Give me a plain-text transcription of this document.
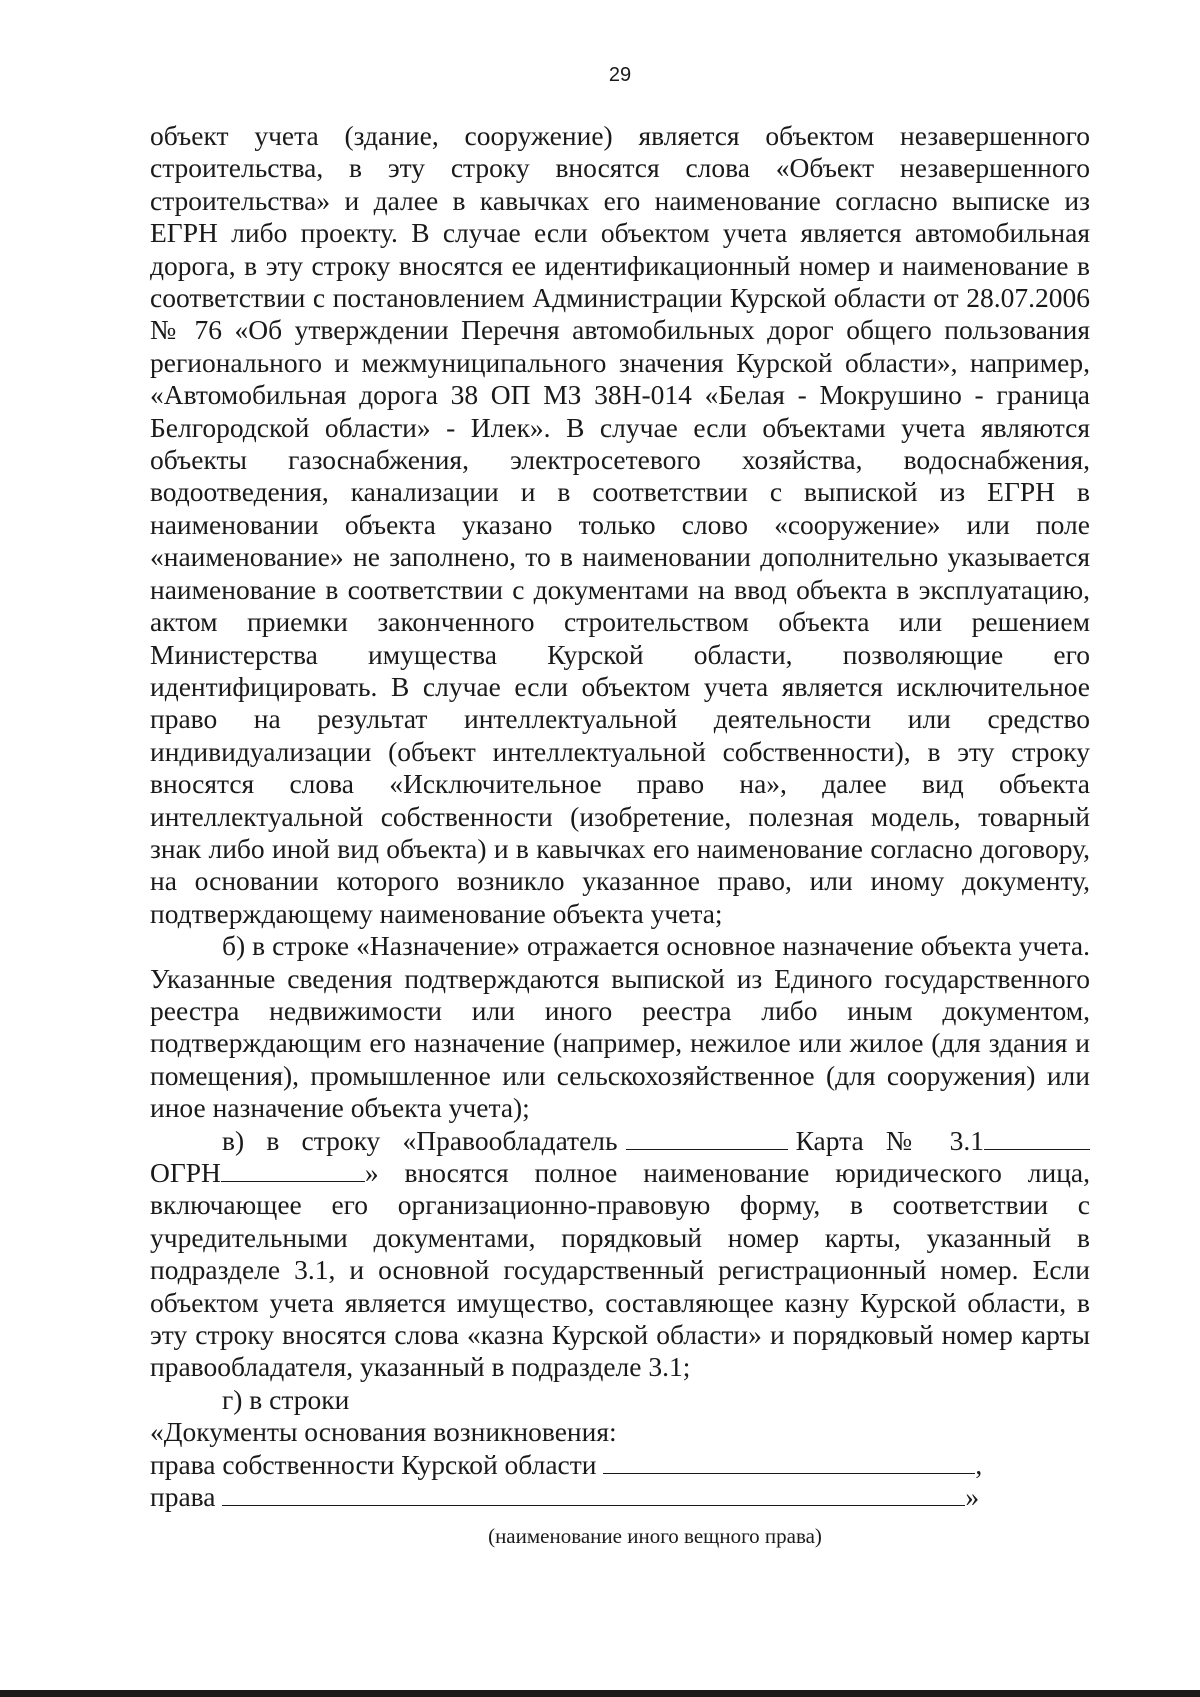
29

объект учета (здание, сооружение) является объектом незавершенного строительства, в эту строку вносятся слова «Объект незавершенного строительства» и далее в кавычках его наименование согласно выписке из ЕГРН либо проекту. В случае если объектом учета является автомобильная дорога, в эту строку вносятся ее идентификационный номер и наименование в соответствии с постановлением Администрации Курской области от 28.07.2006 № 76 «Об утверждении Перечня автомобильных дорог общего пользования регионального и межмуниципального значения Курской области», например, «Автомобильная дорога 38 ОП МЗ 38Н-014 «Белая - Мокрушино - граница Белгородской области» - Илек». В случае если объектами учета являются объекты газоснабжения, электросетевого хозяйства, водоснабжения, водоотведения, канализации и в соответствии с выпиской из ЕГРН в наименовании объекта указано только слово «сооружение» или поле «наименование» не заполнено, то в наименовании дополнительно указывается наименование в соответствии с документами на ввод объекта в эксплуатацию, актом приемки законченного строительством объекта или решением Министерства имущества Курской области, позволяющие его идентифицировать. В случае если объектом учета является исключительное право на результат интеллектуальной деятельности или средство индивидуализации (объект интеллектуальной собственности), в эту строку вносятся слова «Исключительное право на», далее вид объекта интеллектуальной собственности (изобретение, полезная модель, товарный знак либо иной вид объекта) и в кавычках его наименование согласно договору, на основании которого возникло указанное право, или иному документу, подтверждающему наименование объекта учета;

б) в строке «Назначение» отражается основное назначение объекта учета. Указанные сведения подтверждаются выпиской из Единого государственного реестра недвижимости или иного реестра либо иным документом, подтверждающим его назначение (например, нежилое или жилое (для здания и помещения), промышленное или сельскохозяйственное (для сооружения) или иное назначение объекта учета);

в) в строку «Правообладатель	Карта № 3.1

ОГРН	» вносятся полное наименование юридического лица, включающее его организационно-правовую форму, в соответствии с учредительными документами, порядковый номер карты, указанный в подразделе 3.1, и основной государственный регистрационный номер. Если объектом учета является имущество, составляющее казну Курской области, в эту строку вносятся слова «казна Курской области» и порядковый номер карты правообладателя, указанный в подразделе 3.1;

г) в строки

«Документы основания возникновения:

права собственности Курской области	,

права	»

(наименование иного вещного права)
